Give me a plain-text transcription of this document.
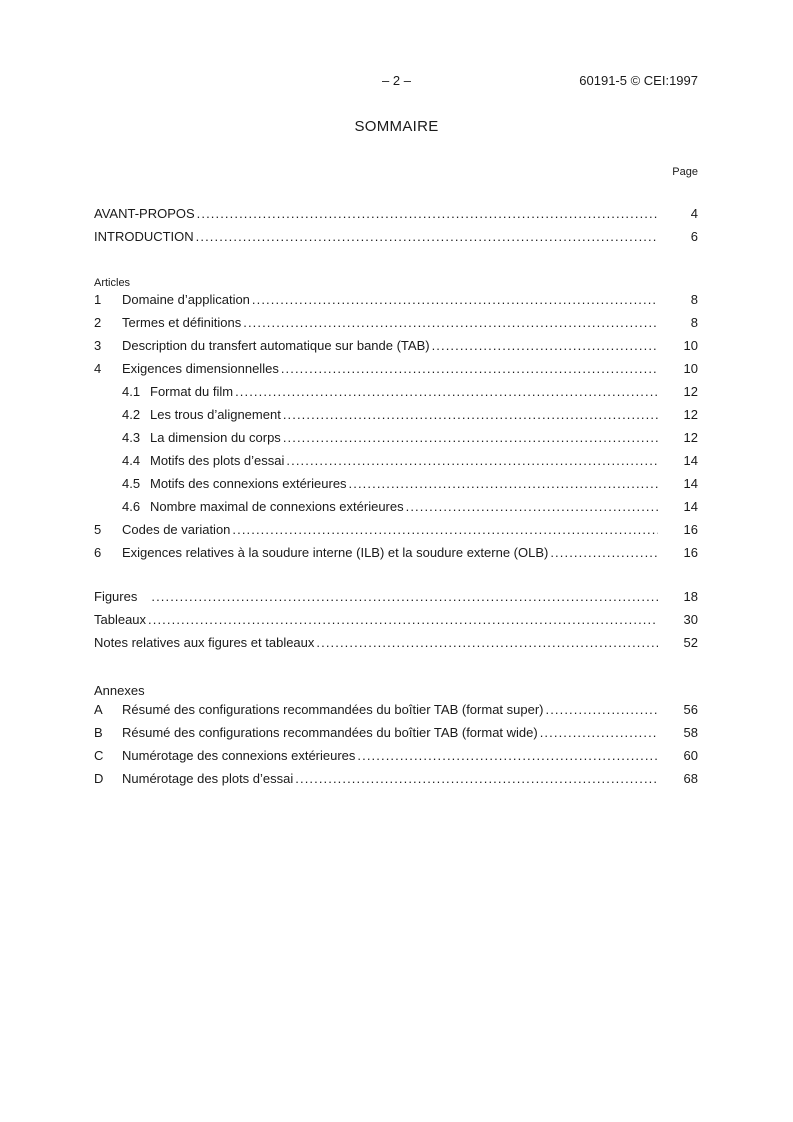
– 2 –	60191-5 © CEI:1997
SOMMAIRE
Page
AVANT-PROPOS .....	4
INTRODUCTION .....	6
Articles
1	Domaine d’application .....	8
2	Termes et définitions .....	8
3	Description du transfert automatique sur bande (TAB) .....	10
4	Exigences dimensionnelles .....	10
4.1 Format du film .....	12
4.2 Les trous d’alignement .....	12
4.3 La dimension du corps .....	12
4.4 Motifs des plots d’essai .....	14
4.5 Motifs des connexions extérieures .....	14
4.6 Nombre maximal de connexions extérieures .....	14
5	Codes de variation .....	16
6	Exigences relatives à la soudure interne (ILB) et la soudure externe (OLB) .....	16
Figures .....	18
Tableaux .....	30
Notes relatives aux figures et tableaux .....	52
Annexes
A	Résumé des configurations recommandées du boîtier TAB (format super) .....	56
B	Résumé des configurations recommandées du boîtier TAB (format wide) .....	58
C	Numérotage des connexions extérieures .....	60
D	Numérotage des plots d’essai .....	68
